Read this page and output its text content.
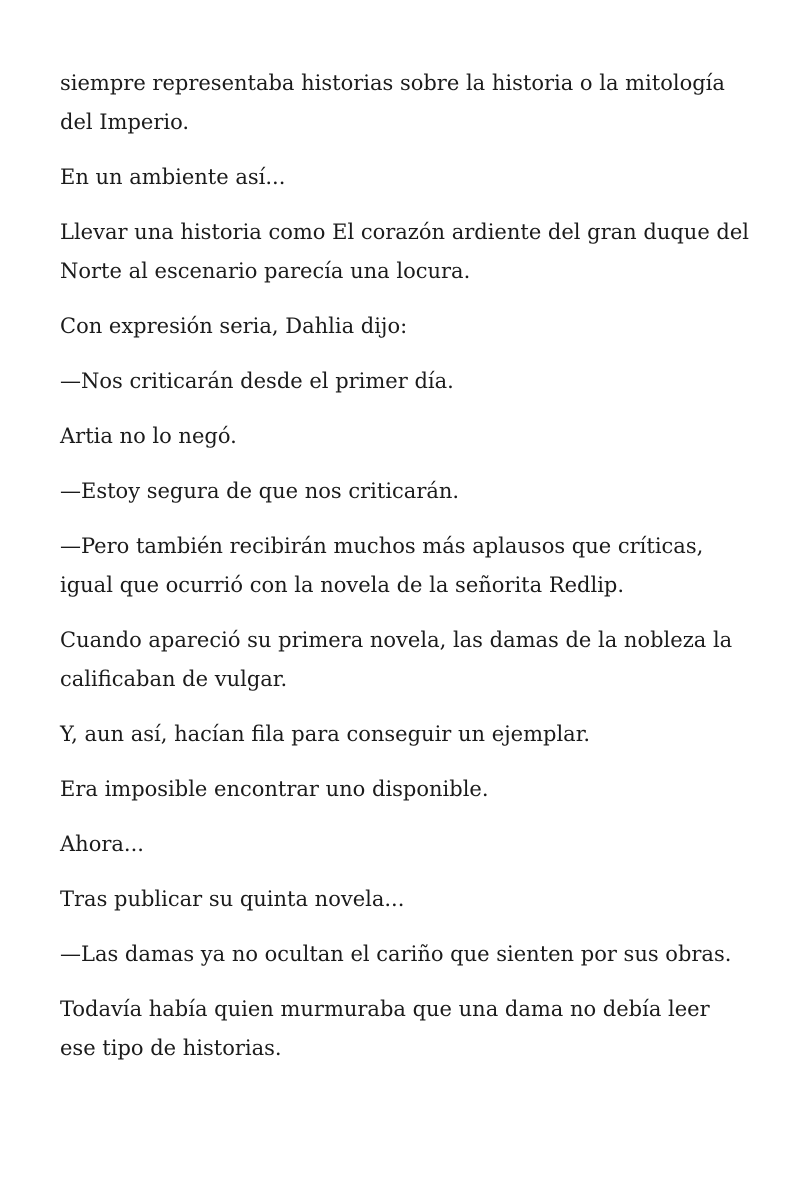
siempre representaba historias sobre la historia o la mitología del Imperio.

En un ambiente así...

Llevar una historia como El corazón ardiente del gran duque del Norte al escenario parecía una locura.

Con expresión seria, Dahlia dijo:

—Nos criticarán desde el primer día.

Artia no lo negó.

—Estoy segura de que nos criticarán.

—Pero también recibirán muchos más aplausos que críticas, igual que ocurrió con la novela de la señorita Redlip.

Cuando apareció su primera novela, las damas de la nobleza la calificaban de vulgar.

Y, aun así, hacían fila para conseguir un ejemplar.

Era imposible encontrar uno disponible.

Ahora...

Tras publicar su quinta novela...

—Las damas ya no ocultan el cariño que sienten por sus obras.

Todavía había quien murmuraba que una dama no debía leer ese tipo de historias.
